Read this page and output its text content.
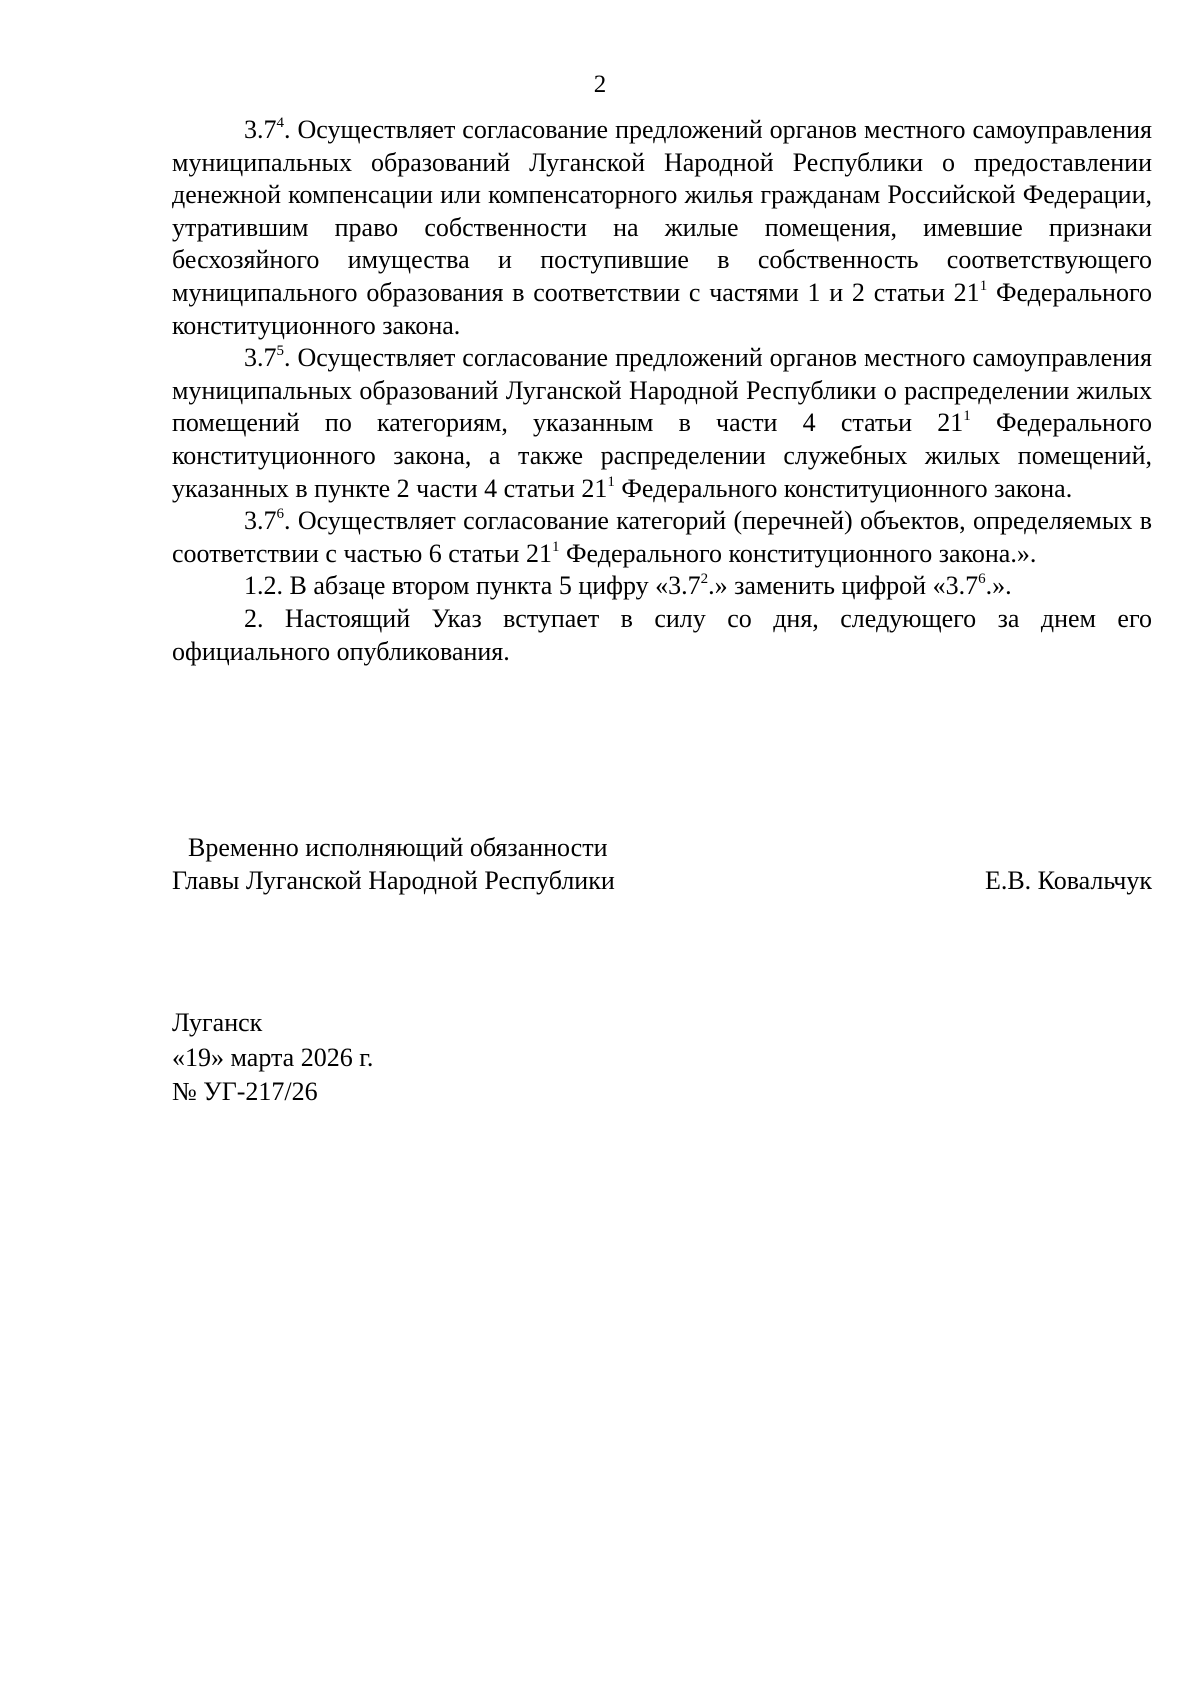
2

$3.7^4$. Осуществляет согласование предложений органов местного самоуправления муниципальных образований Луганской Народной Республики о предоставлении денежной компенсации или компенсаторного жилья гражданам Российской Федерации, утратившим право собственности на жилые помещения, имевшие признаки бесхозяйного имущества и поступившие в собственность соответствующего муниципального образования в соответствии с частями 1 и 2 статьи $21^1$ Федерального конституционного закона.

$3.7^5$. Осуществляет согласование предложений органов местного самоуправления муниципальных образований Луганской Народной Республики о распределении жилых помещений по категориям, указанным в части 4 статьи $21^1$ Федерального конституционного закона, а также распределении служебных жилых помещений, указанных в пункте 2 части 4 статьи $21^1$ Федерального конституционного закона.

$3.7^6$. Осуществляет согласование категорий (перечней) объектов, определяемых в соответствии с частью 6 статьи $21^1$ Федерального конституционного закона.».

1.2. В абзаце втором пункта 5 цифру «$3.7^2$.» заменить цифрой «$3.7^6$.».

2. Настоящий Указ вступает в силу со дня, следующего за днем его официального опубликования.

Временно исполняющий обязанности
Главы Луганской Народной Республики	Е.В. Ковальчук
Луганск
«19» марта 2026 г.
№ УГ-217/26
